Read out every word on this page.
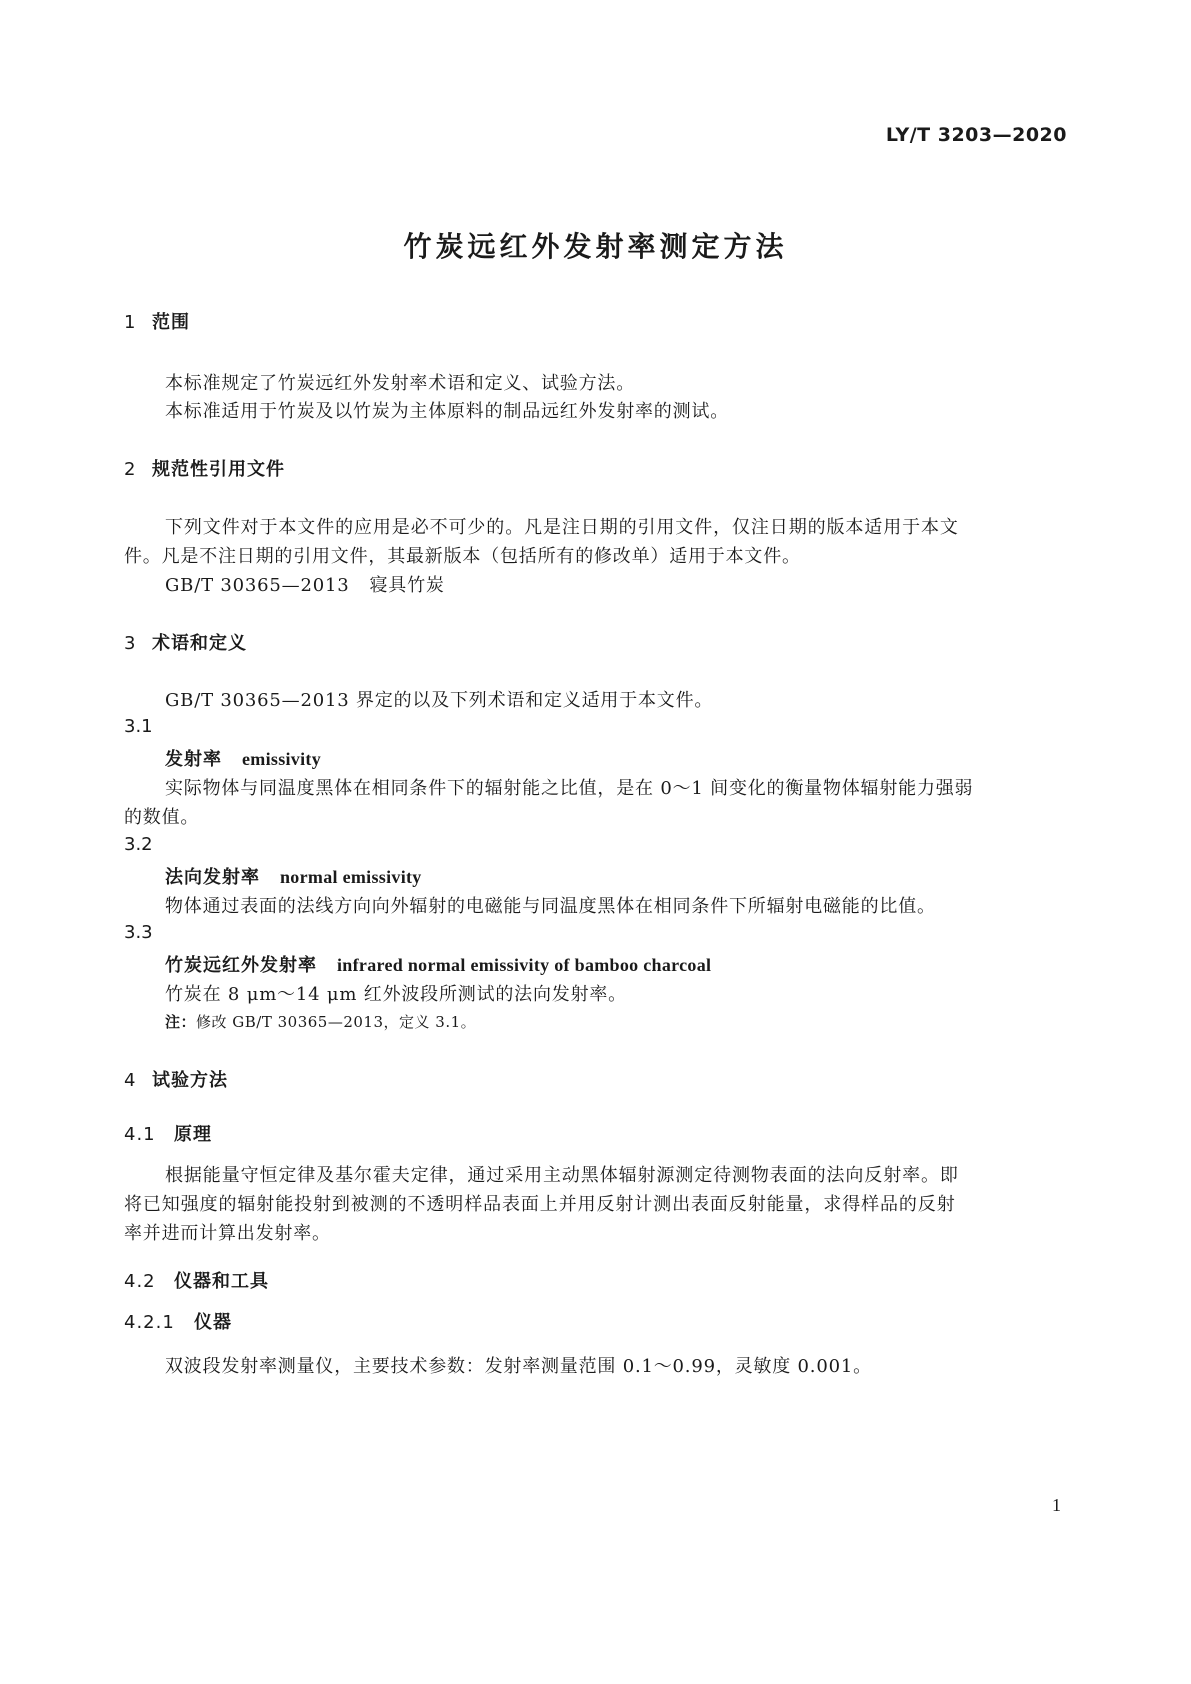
LY/T 3203—2020
竹炭远红外发射率测定方法
1 范围
本标准规定了竹炭远红外发射率术语和定义、试验方法。
本标准适用于竹炭及以竹炭为主体原料的制品远红外发射率的测试。
2 规范性引用文件
下列文件对于本文件的应用是必不可少的。凡是注日期的引用文件，仅注日期的版本适用于本文
件。凡是不注日期的引用文件，其最新版本（包括所有的修改单）适用于本文件。
GB/T 30365—2013 寝具竹炭
3 术语和定义
GB/T 30365—2013 界定的以及下列术语和定义适用于本文件。
3.1
发射率 emissivity
实际物体与同温度黑体在相同条件下的辐射能之比值，是在 0～1 间变化的衡量物体辐射能力强弱
的数值。
3.2
法向发射率 normal emissivity
物体通过表面的法线方向向外辐射的电磁能与同温度黑体在相同条件下所辐射电磁能的比值。
3.3
竹炭远红外发射率 infrared normal emissivity of bamboo charcoal
竹炭在 8 μm～14 μm 红外波段所测试的法向发射率。
注：修改 GB/T 30365—2013，定义 3.1。
4 试验方法
4.1 原理
根据能量守恒定律及基尔霍夫定律，通过采用主动黑体辐射源测定待测物表面的法向反射率。即
将已知强度的辐射能投射到被测的不透明样品表面上并用反射计测出表面反射能量，求得样品的反射
率并进而计算出发射率。
4.2 仪器和工具
4.2.1 仪器
双波段发射率测量仪，主要技术参数：发射率测量范围 0.1～0.99，灵敏度 0.001。
1
